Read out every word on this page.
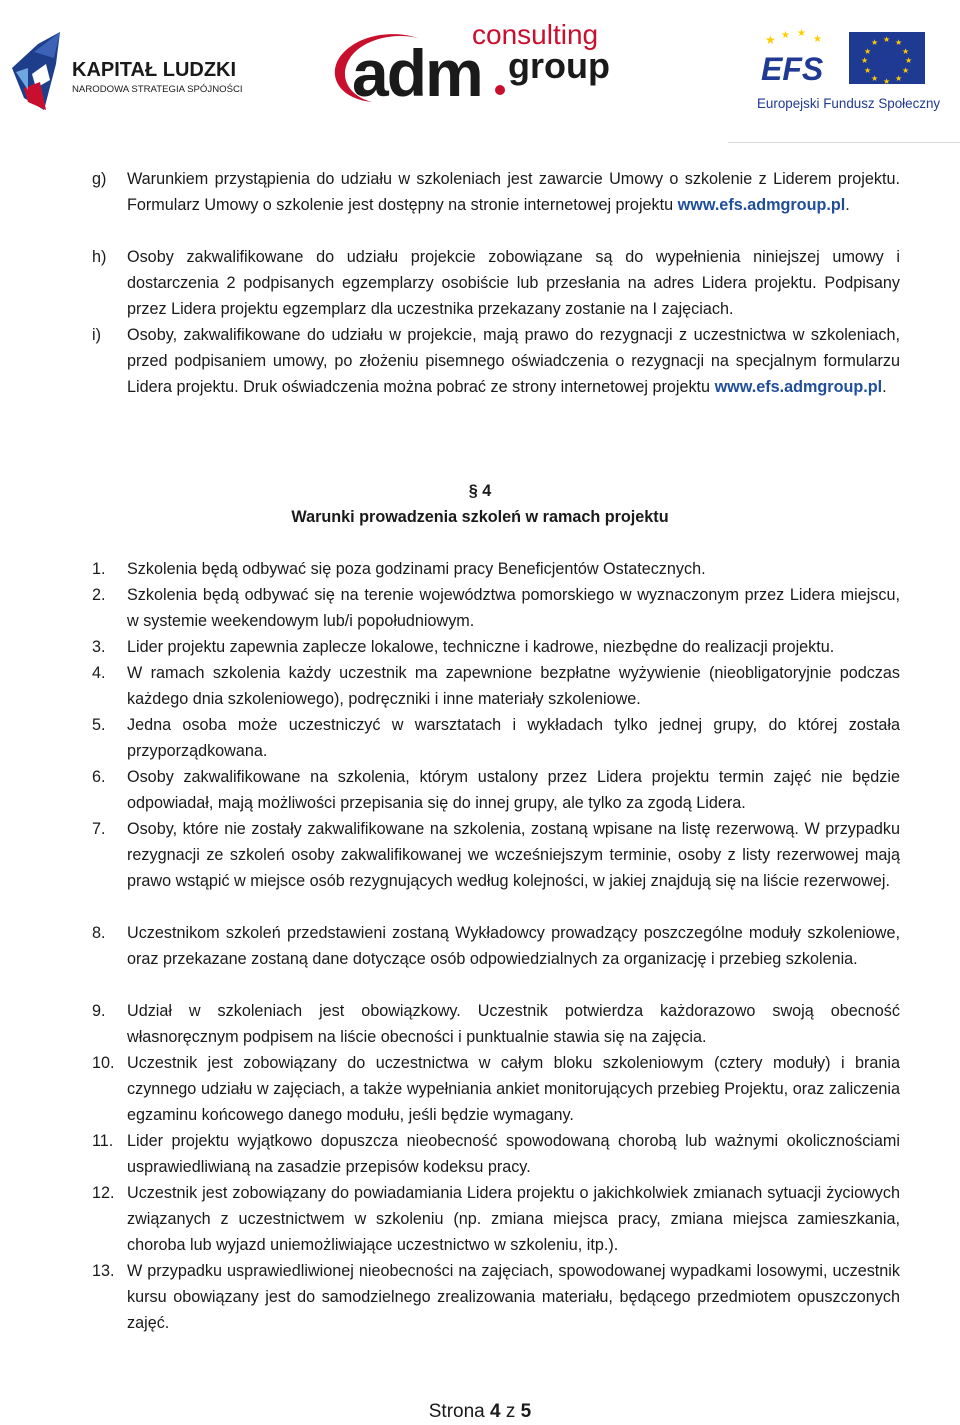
KAPITAŁ LUDZKI
NARODOWA STRATEGIA SPÓJNOŚCI
consulting
adm group
★ ★ ★
★
EFS
★ ★
★
★
★
★
★
★
★
★
★
★
Europejski Fundusz Społeczny
g) Warunkiem przystąpienia do udziału w szkoleniach jest zawarcie Umowy o szkolenie z Liderem projektu. Formularz Umowy o szkolenie jest dostępny na stronie internetowej projektu www.efs.admgroup.pl.
h) Osoby zakwalifikowane do udziału projekcie zobowiązane są do wypełnienia niniejszej umowy i dostarczenia 2 podpisanych egzemplarzy osobiście lub przesłania na adres Lidera projektu. Podpisany przez Lidera projektu egzemplarz dla uczestnika przekazany zostanie na I zajęciach.
i) Osoby, zakwalifikowane do udziału w projekcie, mają prawo do rezygnacji z uczestnictwa w szkoleniach, przed podpisaniem umowy, po złożeniu pisemnego oświadczenia o rezygnacji na specjalnym formularzu Lidera projektu. Druk oświadczenia można pobrać ze strony internetowej projektu www.efs.admgroup.pl.
§ 4
Warunki prowadzenia szkoleń w ramach projektu
1. Szkolenia będą odbywać się poza godzinami pracy Beneficjentów Ostatecznych.
2. Szkolenia będą odbywać się na terenie województwa pomorskiego w wyznaczonym przez Lidera miejscu, w systemie weekendowym lub/i popołudniowym.
3. Lider projektu zapewnia zaplecze lokalowe, techniczne i kadrowe, niezbędne do realizacji projektu.
4. W ramach szkolenia każdy uczestnik ma zapewnione bezpłatne wyżywienie (nieobligatoryjnie podczas każdego dnia szkoleniowego), podręczniki i inne materiały szkoleniowe.
5. Jedna osoba może uczestniczyć w warsztatach i wykładach tylko jednej grupy, do której została przyporządkowana.
6. Osoby zakwalifikowane na szkolenia, którym ustalony przez Lidera projektu termin zajęć nie będzie odpowiadał, mają możliwości przepisania się do innej grupy, ale tylko za zgodą Lidera.
7. Osoby, które nie zostały zakwalifikowane na szkolenia, zostaną wpisane na listę rezerwową. W przypadku rezygnacji ze szkoleń osoby zakwalifikowanej we wcześniejszym terminie, osoby z listy rezerwowej mają prawo wstąpić w miejsce osób rezygnujących według kolejności, w jakiej znajdują się na liście rezerwowej.
8. Uczestnikom szkoleń przedstawieni zostaną Wykładowcy prowadzący poszczególne moduły szkoleniowe, oraz przekazane zostaną dane dotyczące osób odpowiedzialnych za organizację i przebieg szkolenia.
9. Udział w szkoleniach jest obowiązkowy. Uczestnik potwierdza każdorazowo swoją obecność własnoręcznym podpisem na liście obecności i punktualnie stawia się na zajęcia.
10. Uczestnik jest zobowiązany do uczestnictwa w całym bloku szkoleniowym (cztery moduły) i brania czynnego udziału w zajęciach, a także wypełniania ankiet monitorujących przebieg Projektu, oraz zaliczenia egzaminu końcowego danego modułu, jeśli będzie wymagany.
11. Lider projektu wyjątkowo dopuszcza nieobecność spowodowaną chorobą lub ważnymi okolicznościami usprawiedliwianą na zasadzie przepisów kodeksu pracy.
12. Uczestnik jest zobowiązany do powiadamiania Lidera projektu o jakichkolwiek zmianach sytuacji życiowych związanych z uczestnictwem w szkoleniu (np. zmiana miejsca pracy, zmiana miejsca zamieszkania, choroba lub wyjazd uniemożliwiające uczestnictwo w szkoleniu, itp.).
13. W przypadku usprawiedliwionej nieobecności na zajęciach, spowodowanej wypadkami losowymi, uczestnik kursu obowiązany jest do samodzielnego zrealizowania materiału, będącego przedmiotem opuszczonych zajęć.
Strona 4 z 5
